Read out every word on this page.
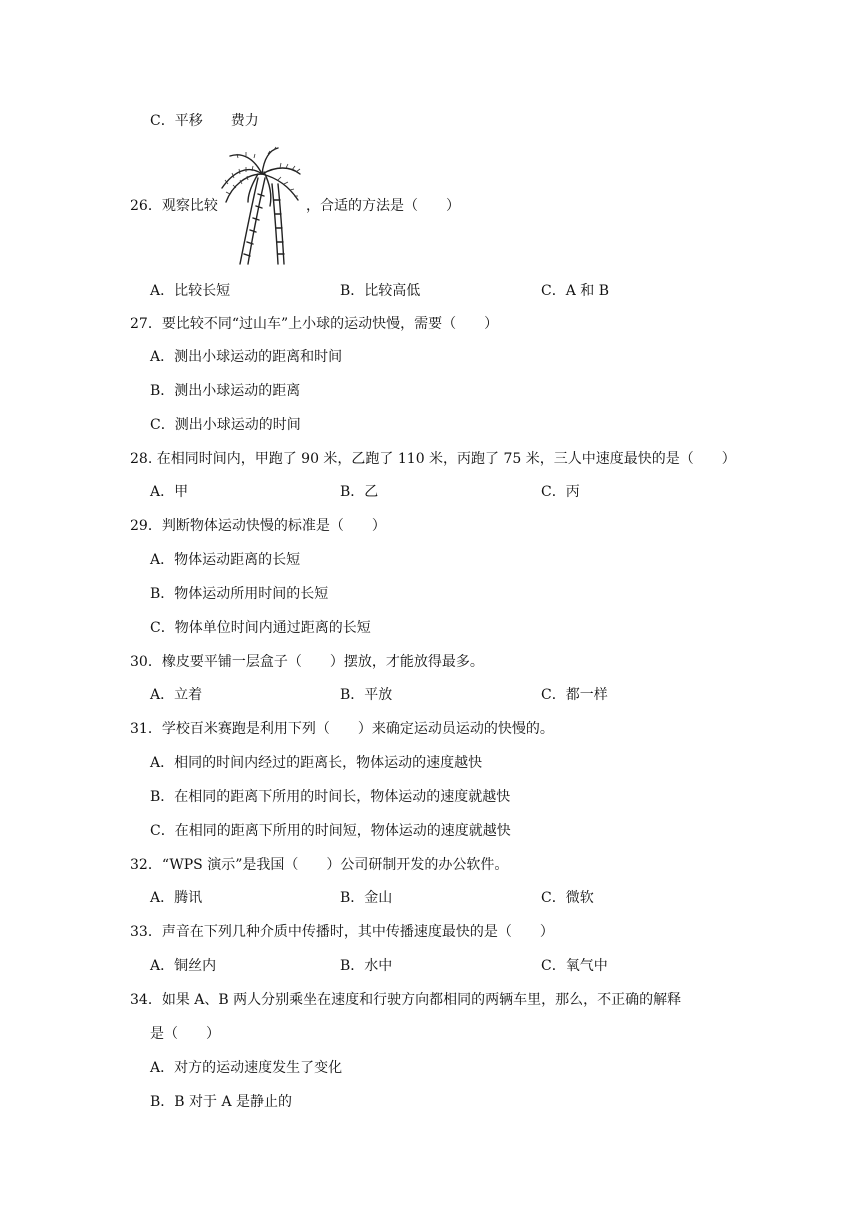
C．平移　　费力
26．观察比较	，合适的方法是（　　）
A．比较长短	B．比较高低	C．A 和 B
27．要比较不同“过山车”上小球的运动快慢，需要（　　）
A．测出小球运动的距离和时间
B．测出小球运动的距离
C．测出小球运动的时间
28. 在相同时间内，甲跑了 90 米，乙跑了 110 米，丙跑了 75 米，三人中速度最快的是（　　）
A．甲	B．乙	C．丙
29．判断物体运动快慢的标准是（　　）
A．物体运动距离的长短
B．物体运动所用时间的长短
C．物体单位时间内通过距离的长短
30．橡皮要平铺一层盒子（　　）摆放，才能放得最多。
A．立着	B．平放	C．都一样
31．学校百米赛跑是利用下列（　　）来确定运动员运动的快慢的。
A．相同的时间内经过的距离长，物体运动的速度越快
B．在相同的距离下所用的时间长，物体运动的速度就越快
C．在相同的距离下所用的时间短，物体运动的速度就越快
32．“WPS 演示”是我国（　　）公司研制开发的办公软件。
A．腾讯	B．金山	C．微软
33．声音在下列几种介质中传播时，其中传播速度最快的是（　　）
A．铜丝内	B．水中	C．氧气中
34．如果 A、B 两人分别乘坐在速度和行驶方向都相同的两辆车里，那么，不正确的解释
是（　　）
A．对方的运动速度发生了变化
B．B 对于 A 是静止的
